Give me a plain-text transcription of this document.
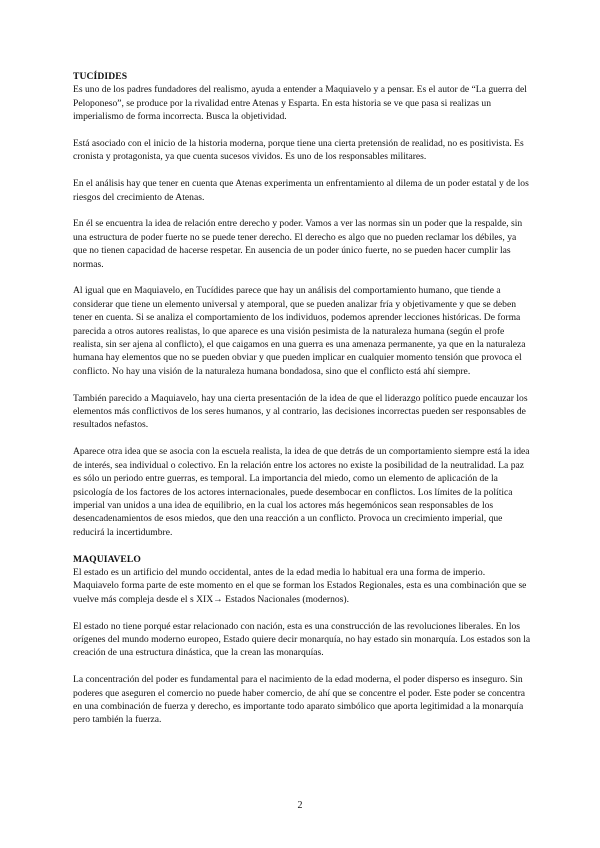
TUCÍDIDES

Es uno de los padres fundadores del realismo, ayuda a entender a Maquiavelo y a pensar. Es el autor de “La guerra del Peloponeso”, se produce por la rivalidad entre Atenas y Esparta. En esta historia se ve que pasa si realizas un imperialismo de forma incorrecta. Busca la objetividad.

Está asociado con el inicio de la historia moderna, porque tiene una cierta pretensión de realidad, no es positivista. Es cronista y protagonista, ya que cuenta sucesos vividos. Es uno de los responsables militares.

En el análisis hay que tener en cuenta que Atenas experimenta un enfrentamiento al dilema de un poder estatal y de los riesgos del crecimiento de Atenas.

En él se encuentra la idea de relación entre derecho y poder. Vamos a ver las normas sin un poder que la respalde, sin una estructura de poder fuerte no se puede tener derecho. El derecho es algo que no pueden reclamar los débiles, ya que no tienen capacidad de hacerse respetar. En ausencia de un poder único fuerte, no se pueden hacer cumplir las normas.

Al igual que en Maquiavelo, en Tucídides parece que hay un análisis del comportamiento humano, que tiende a considerar que tiene un elemento universal y atemporal, que se pueden analizar fría y objetivamente y que se deben tener en cuenta. Si se analiza el comportamiento de los individuos, podemos aprender lecciones históricas. De forma parecida a otros autores realistas, lo que aparece es una visión pesimista de la naturaleza humana (según el profe realista, sin ser ajena al conflicto), el que caigamos en una guerra es una amenaza permanente, ya que en la naturaleza humana hay elementos que no se pueden obviar y que pueden implicar en cualquier momento tensión que provoca el conflicto. No hay una visión de la naturaleza humana bondadosa, sino que el conflicto está ahí siempre.

También parecido a Maquiavelo, hay una cierta presentación de la idea de que el liderazgo político puede encauzar los elementos más conflictivos de los seres humanos, y al contrario, las decisiones incorrectas pueden ser responsables de resultados nefastos.

Aparece otra idea que se asocia con la escuela realista, la idea de que detrás de un comportamiento siempre está la idea de interés, sea individual o colectivo. En la relación entre los actores no existe la posibilidad de la neutralidad. La paz es sólo un periodo entre guerras, es temporal. La importancia del miedo, como un elemento de aplicación de la psicología de los factores de los actores internacionales, puede desembocar en conflictos. Los límites de la política imperial van unidos a una idea de equilibrio, en la cual los actores más hegemónicos sean responsables de los desencadenamientos de esos miedos, que den una reacción a un conflicto. Provoca un crecimiento imperial, que reducirá la incertidumbre.

MAQUIAVELO

El estado es un artificio del mundo occidental, antes de la edad media lo habitual era una forma de imperio. Maquiavelo forma parte de este momento en el que se forman los Estados Regionales, esta es una combinación que se vuelve más compleja desde el s XIX→ Estados Nacionales (modernos).

El estado no tiene porqué estar relacionado con nación, esta es una construcción de las revoluciones liberales. En los orígenes del mundo moderno europeo, Estado quiere decir monarquía, no hay estado sin monarquía. Los estados son la creación de una estructura dinástica, que la crean las monarquías.

La concentración del poder es fundamental para el nacimiento de la edad moderna, el poder disperso es inseguro. Sin poderes que aseguren el comercio no puede haber comercio, de ahí que se concentre el poder. Este poder se concentra en una combinación de fuerza y derecho, es importante todo aparato simbólico que aporta legitimidad a la monarquía pero también la fuerza.

2
